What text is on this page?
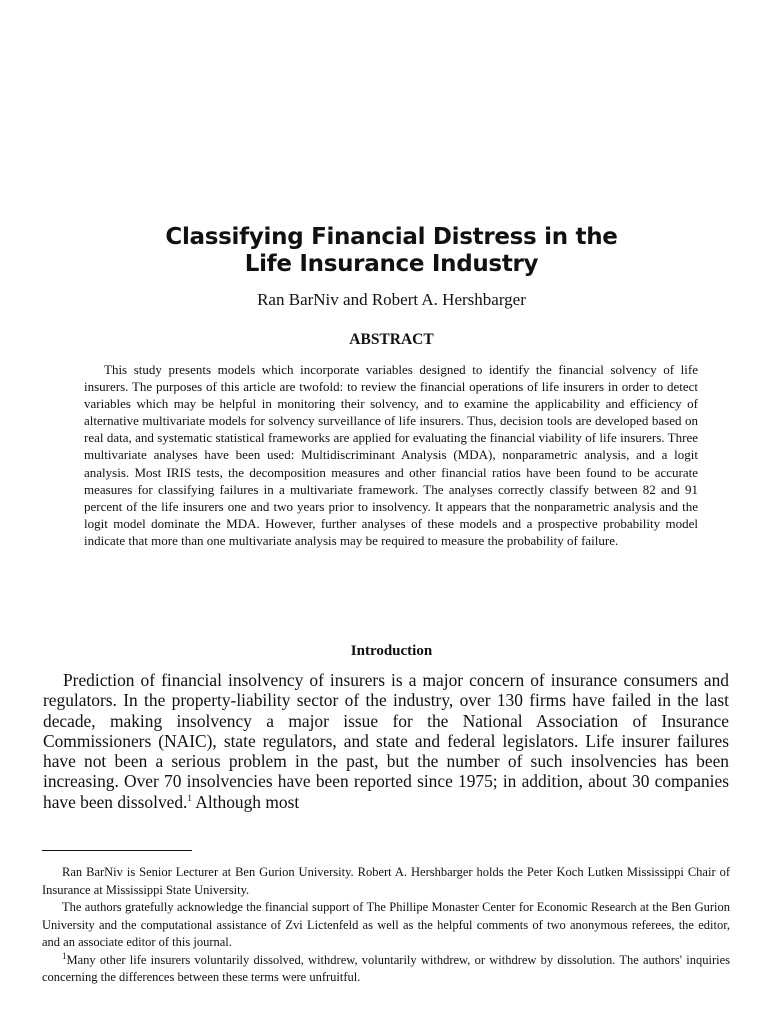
Classifying Financial Distress in the
Life Insurance Industry
Ran BarNiv and Robert A. Hershbarger
ABSTRACT

This study presents models which incorporate variables designed to identify the financial solvency of life insurers. The purposes of this article are twofold: to review the financial operations of life insurers in order to detect variables which may be helpful in monitoring their solvency, and to examine the applicability and efficiency of alternative multivariate models for solvency surveillance of life insurers. Thus, decision tools are developed based on real data, and systematic statistical frameworks are applied for evaluating the financial viability of life insurers. Three multivariate analyses have been used: Multidiscriminant Analysis (MDA), nonparametric analysis, and a logit analysis. Most IRIS tests, the decomposition measures and other financial ratios have been found to be accurate measures for classifying failures in a multivariate framework. The analyses correctly classify between 82 and 91 percent of the life insurers one and two years prior to insolvency. It appears that the nonparametric analysis and the logit model dominate the MDA. However, further analyses of these models and a prospective probability model indicate that more than one multivariate analysis may be required to measure the probability of failure.

Introduction

Prediction of financial insolvency of insurers is a major concern of insurance consumers and regulators. In the property-liability sector of the industry, over 130 firms have failed in the last decade, making insolvency a major issue for the National Association of Insurance Commissioners (NAIC), state regulators, and state and federal legislators. Life insurer failures have not been a serious problem in the past, but the number of such insolvencies has been increasing. Over 70 insolvencies have been reported since 1975; in addition, about 30 companies have been dissolved.$^1$ Although most

Ran BarNiv is Senior Lecturer at Ben Gurion University. Robert A. Hershbarger holds the Peter Koch Lutken Mississippi Chair of Insurance at Mississippi State University.

The authors gratefully acknowledge the financial support of The Phillipe Monaster Center for Economic Research at the Ben Gurion University and the computational assistance of Zvi Lictenfeld as well as the helpful comments of two anonymous referees, the editor, and an associate editor of this journal.

$^1$Many other life insurers voluntarily dissolved, withdrew, voluntarily withdrew, or withdrew by dissolution. The authors' inquiries concerning the differences between these terms were unfruitful.
